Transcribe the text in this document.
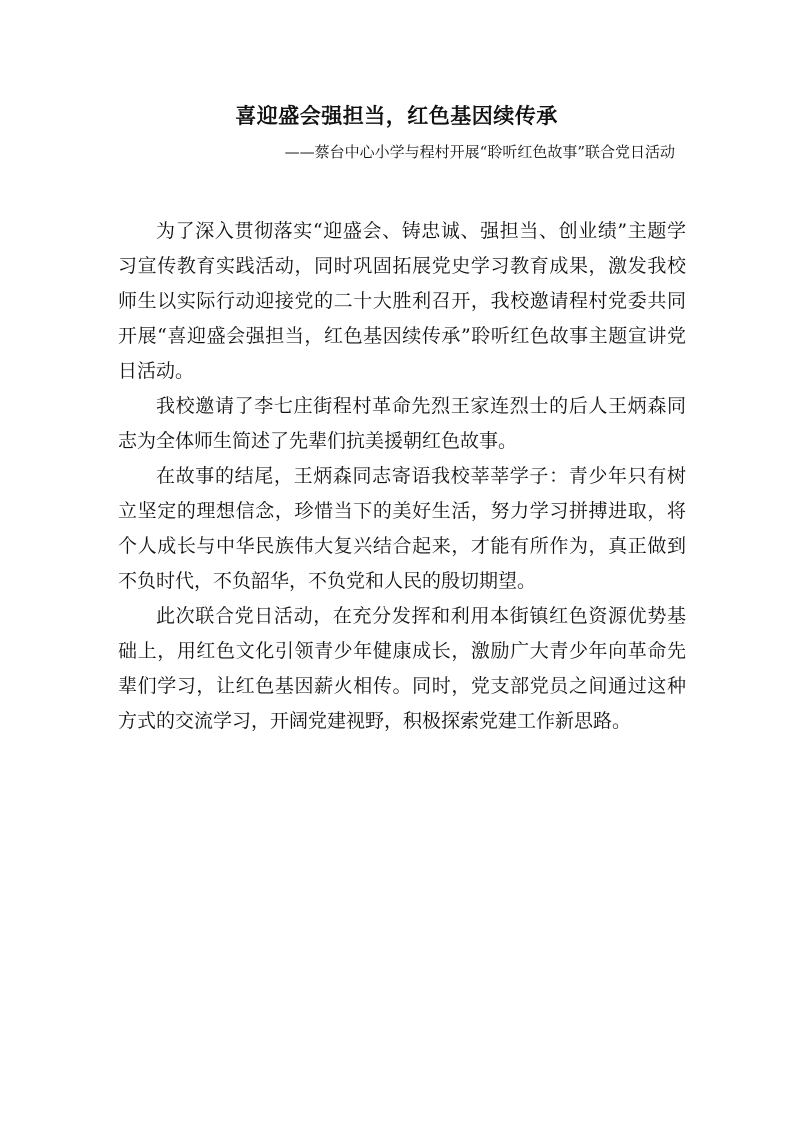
喜迎盛会强担当，红色基因续传承

——蔡台中心小学与程村开展“聆听红色故事”联合党日活动

为了深入贯彻落实“迎盛会、铸忠诚、强担当、创业绩”主题学习宣传教育实践活动，同时巩固拓展党史学习教育成果，激发我校师生以实际行动迎接党的二十大胜利召开，我校邀请程村党委共同开展“喜迎盛会强担当，红色基因续传承”聆听红色故事主题宣讲党日活动。

我校邀请了李七庄街程村革命先烈王家连烈士的后人王炳森同志为全体师生简述了先辈们抗美援朝红色故事。

在故事的结尾，王炳森同志寄语我校莘莘学子：青少年只有树立坚定的理想信念，珍惜当下的美好生活，努力学习拼搏进取，将个人成长与中华民族伟大复兴结合起来，才能有所作为，真正做到不负时代，不负韶华，不负党和人民的殷切期望。

此次联合党日活动，在充分发挥和利用本街镇红色资源优势基础上，用红色文化引领青少年健康成长，激励广大青少年向革命先辈们学习，让红色基因薪火相传。同时，党支部党员之间通过这种方式的交流学习，开阔党建视野，积极探索党建工作新思路。
